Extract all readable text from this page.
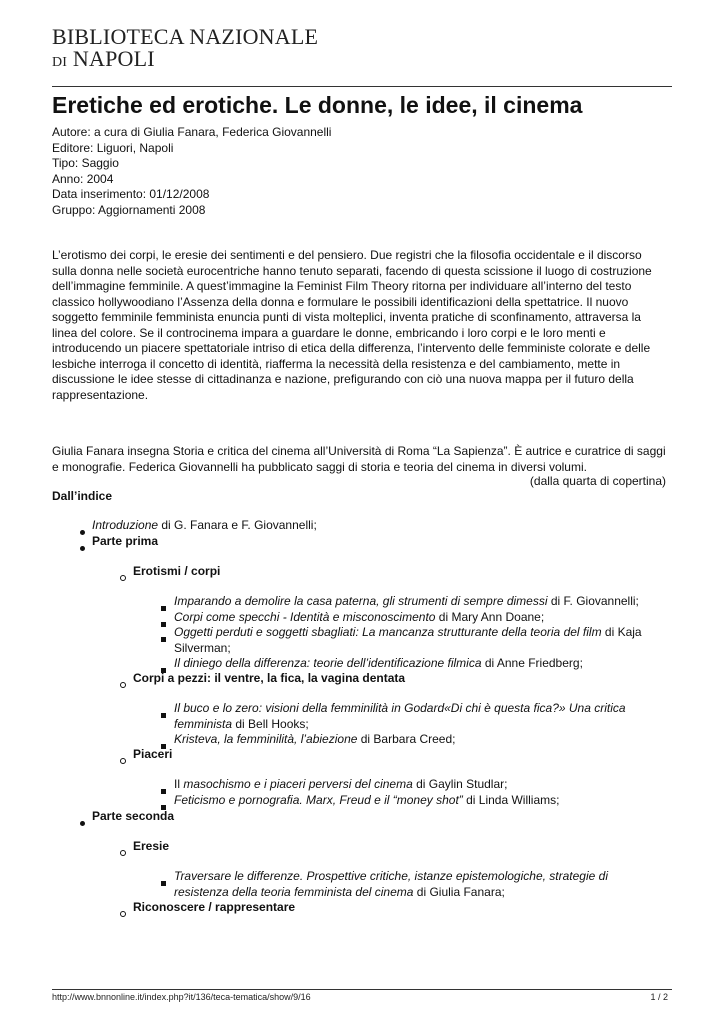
BIBLIOTECA NAZIONALE
DI NAPOLI
Eretiche ed erotiche. Le donne, le idee, il cinema
Autore: a cura di Giulia Fanara, Federica Giovannelli
Editore: Liguori, Napoli
Tipo: Saggio
Anno: 2004
Data inserimento: 01/12/2008
Gruppo: Aggiornamenti 2008

L’erotismo dei corpi, le eresie dei sentimenti e del pensiero. Due registri che la filosofia occidentale e il discorso sulla donna nelle società eurocentriche hanno tenuto separati, facendo di questa scissione il luogo di costruzione dell’immagine femminile. A quest’immagine la Feminist Film Theory ritorna per individuare all’interno del testo classico hollywoodiano l’Assenza della donna e formulare le possibili identificazioni della spettatrice. Il nuovo soggetto femminile femminista enuncia punti di vista molteplici, inventa pratiche di sconfinamento, attraversa la linea del colore. Se il controcinema impara a guardare le donne, embricando i loro corpi e le loro menti e introducendo un piacere spettatoriale intriso di etica della differenza, l’intervento delle femministe colorate e delle lesbiche interroga il concetto di identità, riafferma la necessità della resistenza e del cambiamento, mette in discussione le idee stesse di cittadinanza e nazione, prefigurando con ciò una nuova mappa per il futuro della rappresentazione.

Giulia Fanara insegna Storia e critica del cinema all’Università di Roma “La Sapienza”. È autrice e curatrice di saggi e monografie. Federica Giovannelli ha pubblicato saggi di storia e teoria del cinema in diversi volumi.

(dalla quarta di copertina)
Dall’indice
Introduzione di G. Fanara e F. Giovannelli;
Parte prima
Erotismi / corpi
Imparando a demolire la casa paterna, gli strumenti di sempre dimessi di F. Giovannelli;
Corpi come specchi - Identità e misconoscimento di Mary Ann Doane;
Oggetti perduti e soggetti sbagliati: La mancanza strutturante della teoria del film di Kaja
Silverman;
Il diniego della differenza: teorie dell’identificazione filmica di Anne Friedberg;
Corpi a pezzi: il ventre, la fica, la vagina dentata
Il buco e lo zero: visioni della femminilità in Godard«Di chi è questa fica?» Una critica
femminista di Bell Hooks;
Kristeva, la femminilità, l’abiezione di Barbara Creed;
Piaceri
Il masochismo e i piaceri perversi del cinema di Gaylin Studlar;
Feticismo e pornografia. Marx, Freud e il “money shot” di Linda Williams;
Parte seconda
Eresie
Traversare le differenze. Prospettive critiche, istanze epistemologiche, strategie di
resistenza della teoria femminista del cinema di Giulia Fanara;
Riconoscere / rappresentare
http://www.bnnonline.it/index.php?it/136/teca-tematica/show/9/16	1 / 2
